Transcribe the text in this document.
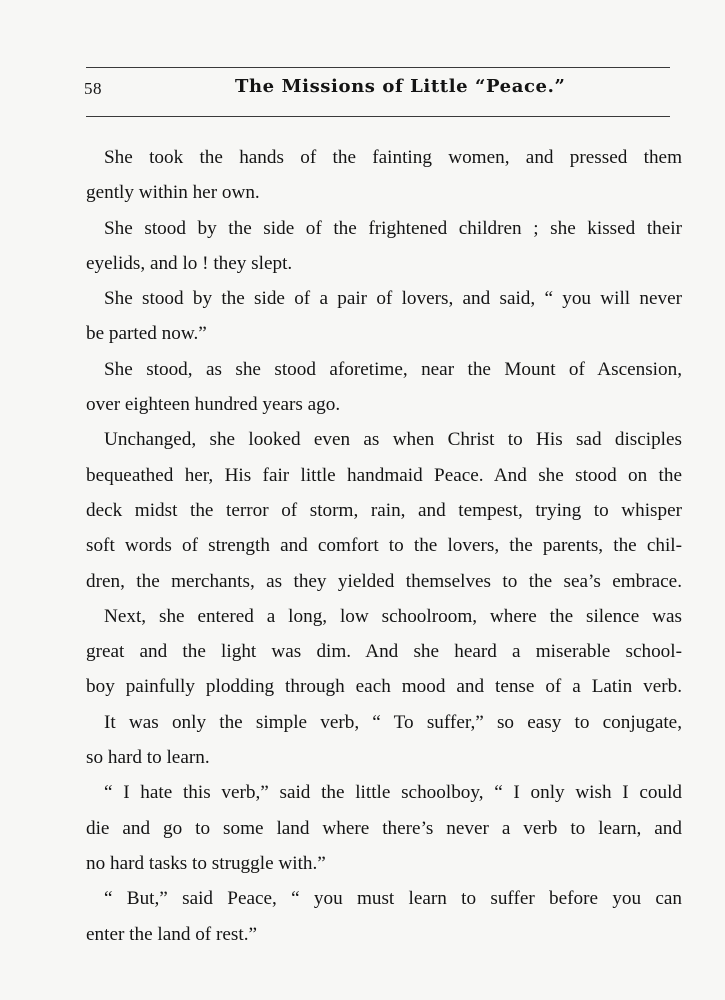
58	The Missions of Little “Peace.”
She took the hands of the fainting women, and pressed them
gently within her own.
She stood by the side of the frightened children ; she kissed their
eyelids, and lo ! they slept.
She stood by the side of a pair of lovers, and said, “ you will never
be parted now.”
She stood, as she stood aforetime, near the Mount of Ascension,
over eighteen hundred years ago.
Unchanged, she looked even as when Christ to His sad disciples
bequeathed her, His fair little handmaid Peace. And she stood on the
deck midst the terror of storm, rain, and tempest, trying to whisper
soft words of strength and comfort to the lovers, the parents, the chil-
dren, the merchants, as they yielded themselves to the sea’s embrace.
Next, she entered a long, low schoolroom, where the silence was
great and the light was dim. And she heard a miserable school-
boy painfully plodding through each mood and tense of a Latin verb.
It was only the simple verb, “ To suffer,” so easy to conjugate,
so hard to learn.
“ I hate this verb,” said the little schoolboy, “ I only wish I could
die and go to some land where there’s never a verb to learn, and
no hard tasks to struggle with.”
“ But,” said Peace, “ you must learn to suffer before you can
enter the land of rest.”
